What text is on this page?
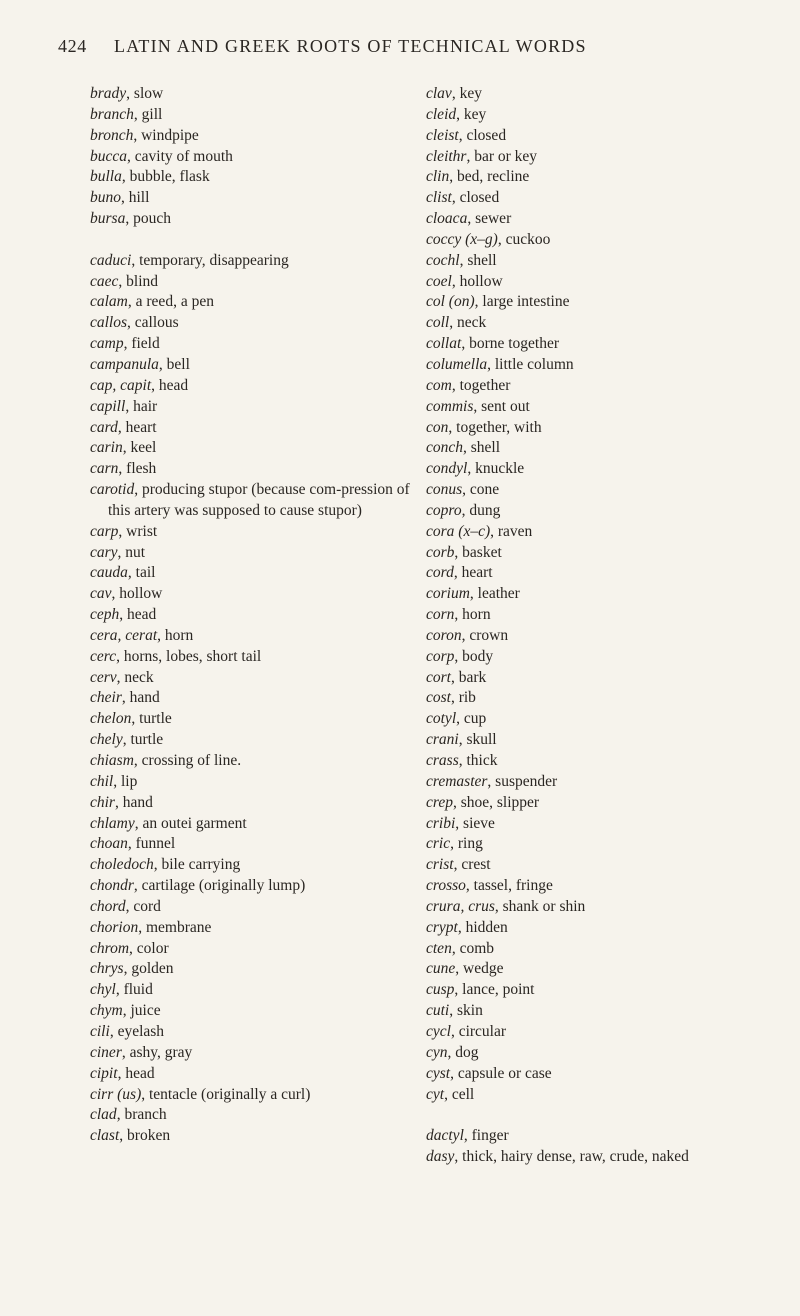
424	LATIN AND GREEK ROOTS OF TECHNICAL WORDS
brady, slow
branch, gill
bronch, windpipe
bucca, cavity of mouth
bulla, bubble, flask
buno, hill
bursa, pouch
caduci, temporary, disappearing
caec, blind
calam, a reed, a pen
callos, callous
camp, field
campanula, bell
cap, capit, head
capill, hair
card, heart
carin, keel
carn, flesh
carotid, producing stupor (because com-pression of this artery was supposed to cause stupor)
carp, wrist
cary, nut
cauda, tail
cav, hollow
ceph, head
cera, cerat, horn
cerc, horns, lobes, short tail
cerv, neck
cheir, hand
chelon, turtle
chely, turtle
chiasm, crossing of line.
chil, lip
chir, hand
chlamy, an outei garment
choan, funnel
choledoch, bile carrying
chondr, cartilage (originally lump)
chord, cord
chorion, membrane
chrom, color
chrys, golden
chyl, fluid
chym, juice
cili, eyelash
ciner, ashy, gray
cipit, head
cirr (us), tentacle (originally a curl)
clad, branch
clast, broken
clav, key
cleid, key
cleist, closed
cleithr, bar or key
clin, bed, recline
clist, closed
cloaca, sewer
coccy (x–g), cuckoo
cochl, shell
coel, hollow
col (on), large intestine
coll, neck
collat, borne together
columella, little column
com, together
commis, sent out
con, together, with
conch, shell
condyl, knuckle
conus, cone
copro, dung
cora (x–c), raven
corb, basket
cord, heart
corium, leather
corn, horn
coron, crown
corp, body
cort, bark
cost, rib
cotyl, cup
crani, skull
crass, thick
cremaster, suspender
crep, shoe, slipper
cribi, sieve
cric, ring
crist, crest
crosso, tassel, fringe
crura, crus, shank or shin
crypt, hidden
cten, comb
cune, wedge
cusp, lance, point
cuti, skin
cycl, circular
cyn, dog
cyst, capsule or case
cyt, cell
dactyl, finger
dasy, thick, hairy dense, raw, crude, naked
